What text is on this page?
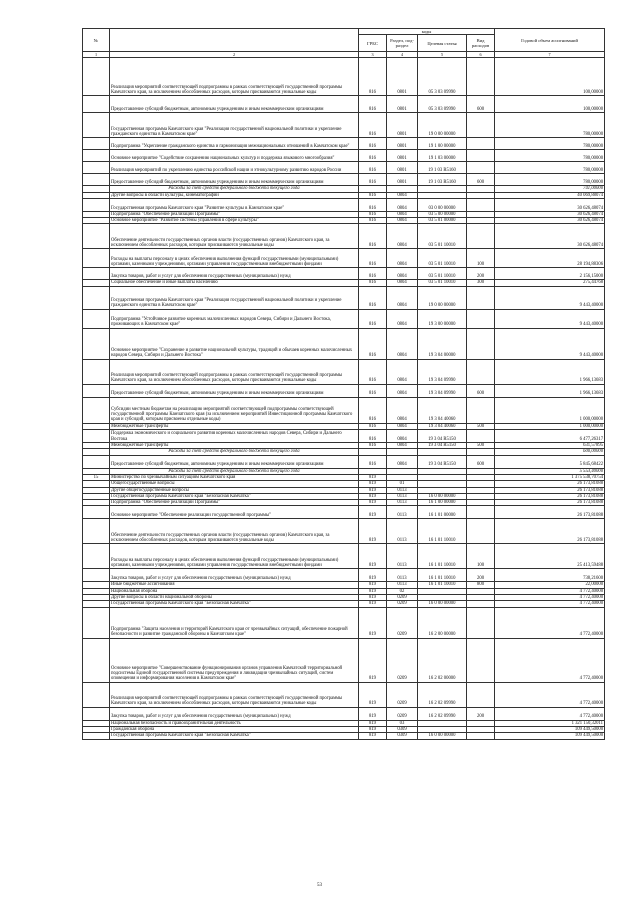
№		коды				Годовой объем ассигнований
		ГРБС	Раздел, под- раздел	Целевая статья	Вид расходов	
1	2	3	4	5	6	7
	Реализация мероприятий соответствующей подпрограммы в рамках соответствующей государственной программы Камчатского края, за исключением обособленных расходов, которым присваиваются уникальные коды	816	0801	05 3 03 09990		100,00000
	Предоставление субсидий бюджетным, автономным учреждениям и иным некоммерческим организациям	816	0801	05 3 03 09990	600	100,00000
	Государственная программа Камчатского края "Реализация государственной национальной политики и укрепление гражданского единства в Камчатском крае"	816	0801	19 0 00 00000		780,00000
	Подпрограмма "Укрепление гражданского единства и гармонизация межнациональных отношений в Камчатском крае"	816	0801	19 1 00 00000		780,00000
	Основное мероприятие "Содействие сохранению национальных культур и поддержка языкового многообразия"	816	0801	19 1 03 00000		780,00000
	Реализация мероприятий по укреплению единства российской нации и этнокультурному развитию народов России	816	0801	19 1 03 R5160		780,00000
	Предоставление субсидий бюджетным, автономным учреждениям и иным некоммерческим организациям	816	0801	19 1 03 R5160	600	780,00000
	Расходы за счет средств федерального бюджета текущего года					741,00000
	Другие вопросы в области культуры, кинематографии	816	0804			40 069,88074
	Государственная программа Камчатского края "Развитие культуры в Камчатском крае"	816	0804	03 0 00 00000		30 626,48074
	Подпрограмма "Обеспечение реализации Программы"	816	0804	03 5 00 00000		30 626,48074
	Основное мероприятие "Развитие системы управления в сфере культуры"	816	0804	03 5 01 00000		30 626,48074
	Обеспечение деятельности государственных органов власти (государственных органов) Камчатского края, за исключением обособленных расходов, которым присваиваются уникальные коды	816	0804	03 5 01 10010		30 626,48074
	Расходы на выплаты персоналу в целях обеспечения выполнения функций государственными (муниципальными) органами, казенными учреждениями, органами управления государственными внебюджетными фондами	816	0804	03 5 01 10010	100	28 194,88306
	Закупка товаров, работ и услуг для обеспечения государственных (муниципальных) нужд	816	0804	03 5 01 10010	200	2 156,15000
	Социальное обеспечение и иные выплаты населению	816	0804	03 5 01 10010	300	275,44768
	Государственная программа Камчатского края "Реализация государственной национальной политики и укрепление гражданского единства в Камчатском крае"	816	0804	19 0 00 00000		9 443,40000
	Подпрограмма "Устойчивое развитие коренных малочисленных народов Севера, Сибири и Дальнего Востока, проживающих в Камчатском крае"	816	0804	19 3 00 00000		9 443,40000
	Основное мероприятие "Сохранение и развитие национальной культуры, традиций и обычаев коренных малочисленных народов Севера, Сибири и Дальнего Востока"	816	0804	19 3 04 00000		9 443,40000
	Реализация мероприятий соответствующей подпрограммы в рамках соответствующей государственной программы Камчатского края, за исключением обособленных расходов, которым присваиваются уникальные коды	816	0804	19 3 04 09990		1 966,13683
	Предоставление субсидий бюджетным, автономным учреждениям и иным некоммерческим организациям	816	0804	19 3 04 09990	600	1 966,13683
	Субсидии местным бюджетам на реализацию мероприятий соответствующей подпрограммы соответствующей государственной программы Камчатского края (за исключением мероприятий Инвестиционной программы Камчатского края и субсидий, которым присвоены отдельные коды)	816	0804	19 3 04 40060		1 000,00000
	Межбюджетные трансферты	816	0804	19 3 04 40060	500	1 000,00000
	Поддержка экономического и социального развития коренных малочисленных народов Севера, Сибири и Дальнего Востока	816	0804	19 3 04 R5150		6 477,26317
	Межбюджетные трансферты	816	0804	19 3 04 R5150	500	631,57895
	Расходы за счет средств федерального бюджета текущего года					600,00000
	Предоставление субсидий бюджетным, автономным учреждениям и иным некоммерческим организациям	816	0804	19 3 04 R5150	600	5 845,68422
	Расходы за счет средств федерального бюджета текущего года					5 553,40000
15	Министерство по чрезвычайным ситуациям Камчатского края	819				1 375 538,70754
	Общегосударственные вопросы	819	01			26 173,81088
	Другие общегосударственные вопросы	819	0113			26 173,81088
	Государственная программа Камчатского края "Безопасная Камчатка"	819	0113	16 0 00 00000		26 173,81088
	Подпрограмма "Обеспечение реализации Программы"	819	0113	16 1 00 00000		26 173,81088
	Основное мероприятие "Обеспечение реализации государственной программы"	819	0113	16 1 01 00000		26 173,81088
	Обеспечение деятельности государственных органов власти (государственных органов) Камчатского края, за исключением обособленных расходов, которым присваиваются уникальные коды	819	0113	16 1 01 10010		26 173,81088
	Расходы на выплаты персоналу в целях обеспечения выполнения функций государственными (муниципальными) органами, казенными учреждениями, органами управления государственными внебюджетными фондами	819	0113	16 1 01 10010	100	25 413,59488
	Закупка товаров, работ и услуг для обеспечения государственных (муниципальных) нужд	819	0113	16 1 01 10010	200	738,21600
	Иные бюджетные ассигнования	819	0113	16 1 01 10010	800	22,00000
	Национальная оборона	819	02			4 772,40000
	Другие вопросы в области национальной обороны	819	0209			4 772,40000
	Государственная программа Камчатского края "Безопасная Камчатка"	819	0209	16 0 00 00000		4 772,40000
	Подпрограмма "Защита населения и территорий Камчатского края от чрезвычайных ситуаций, обеспечение пожарной безопасности и развитие гражданской обороны в Камчатском крае"	819	0209	16 2 00 00000		4 772,40000
	Основное мероприятие "Совершенствование функционирования органов управления Камчатской территориальной подсистемы Единой государственной системы предупреждения и ликвидации чрезвычайных ситуаций, систем оповещения и информирования населения в Камчатском крае"	819	0209	16 2 02 00000		4 772,40000
	Реализация мероприятий соответствующей подпрограммы в рамках соответствующей государственной программы Камчатского края, за исключением обособленных расходов, которым присваиваются уникальные коды	819	0209	16 2 02 09990		4 772,40000
	Закупка товаров, работ и услуг для обеспечения государственных (муниципальных) нужд	819	0209	16 2 02 09990	200	4 772,40000
	Национальная безопасность и правоохранительная деятельность	819	03			1 321 150,32011
	Гражданская оборона	819	0309			109 449,50000
	Государственная программа Камчатского края "Безопасная Камчатка"	819	0309	16 0 00 00000		109 449,50000
53
